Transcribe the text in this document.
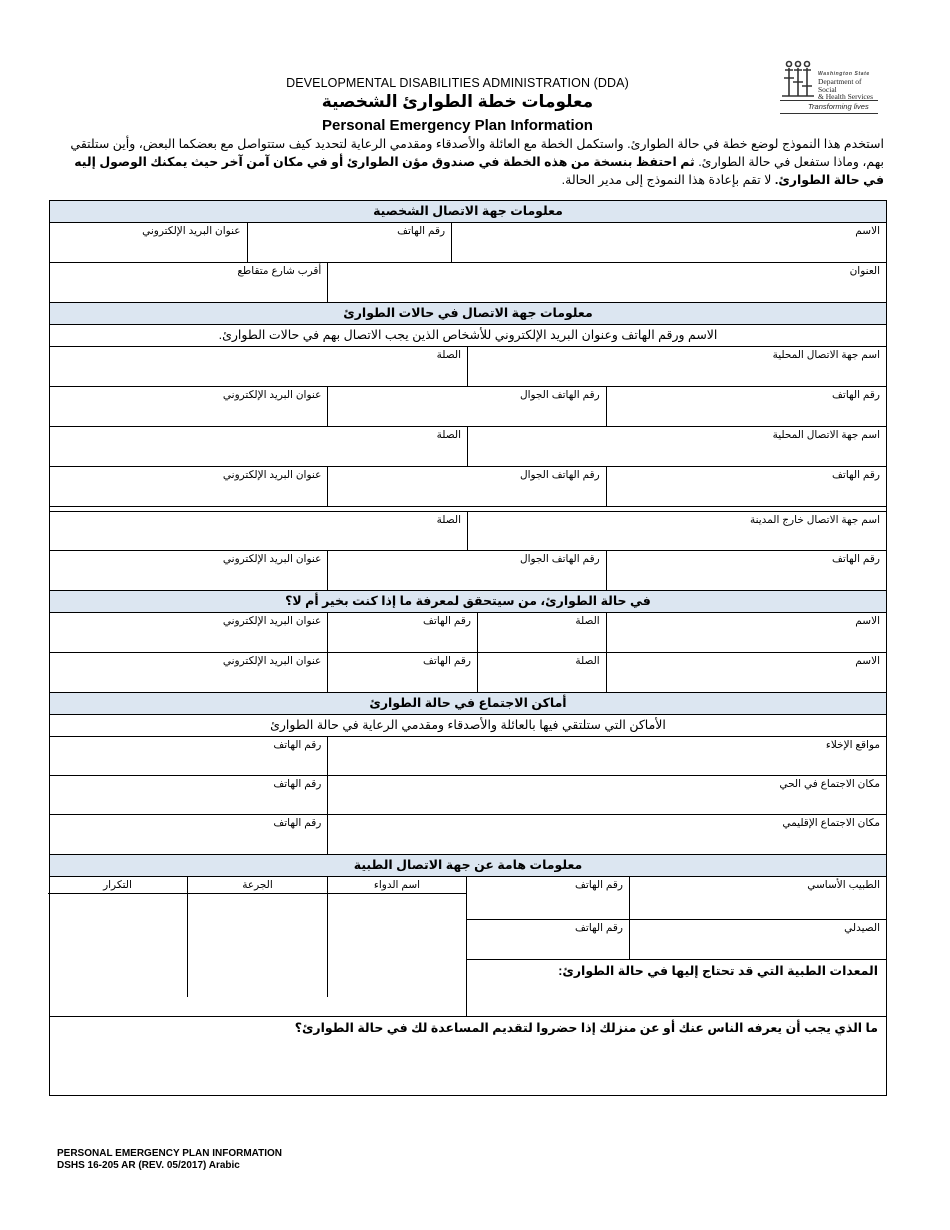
DEVELOPMENTAL DISABILITIES ADMINISTRATION (DDA)
معلومات خطة الطوارئ الشخصية
Personal Emergency Plan Information
Washington State
Department of Social
& Health Services
Transforming lives
استخدم هذا النموذج لوضع خطة في حالة الطوارئ. واستكمل الخطة مع العائلة والأصدقاء ومقدمي الرعاية لتحديد كيف ستتواصل مع بعضكما البعض، وأين ستلتقي بهم، وماذا ستفعل في حالة الطوارئ. ثم احتفظ بنسخة من هذه الخطة في صندوق مؤن الطوارئ أو في مكان آمن آخر حيث يمكنك الوصول إليه في حالة الطوارئ. لا تقم بإعادة هذا النموذج إلى مدير الحالة.
معلومات جهة الاتصال الشخصية
الاسم
رقم الهاتف
عنوان البريد الإلكتروني
العنوان
أقرب شارع متقاطع
معلومات جهة الاتصال في حالات الطوارئ
الاسم ورقم الهاتف وعنوان البريد الإلكتروني للأشخاص الذين يجب الاتصال بهم في حالات الطوارئ.
اسم جهة الاتصال المحلية
الصلة
رقم الهاتف
رقم الهاتف الجوال
عنوان البريد الإلكتروني
اسم جهة الاتصال المحلية
الصلة
رقم الهاتف
رقم الهاتف الجوال
عنوان البريد الإلكتروني
اسم جهة الاتصال خارج المدينة
الصلة
رقم الهاتف
رقم الهاتف الجوال
عنوان البريد الإلكتروني
في حالة الطوارئ، من سيتحقق لمعرفة ما إذا كنت بخير أم لا؟
الاسم
الصلة
رقم الهاتف
عنوان البريد الإلكتروني
الاسم
الصلة
رقم الهاتف
عنوان البريد الإلكتروني
أماكن الاجتماع في حالة الطوارئ
الأماكن التي ستلتقي فيها بالعائلة والأصدقاء ومقدمي الرعاية في حالة الطوارئ
مواقع الإخلاء
رقم الهاتف
مكان الاجتماع في الحي
رقم الهاتف
مكان الاجتماع الإقليمي
رقم الهاتف
معلومات هامة عن جهة الاتصال الطبية
الطبيب الأساسي
رقم الهاتف
الصيدلي
رقم الهاتف
المعدات الطبية التي قد تحتاج إليها في حالة الطوارئ:
اسم الدواء
الجرعة
التكرار
ما الذي يجب أن يعرفه الناس عنك أو عن منزلك إذا حضروا لتقديم المساعدة لك في حالة الطوارئ؟
PERSONAL EMERGENCY PLAN INFORMATION
DSHS 16-205 AR (REV. 05/2017) Arabic
